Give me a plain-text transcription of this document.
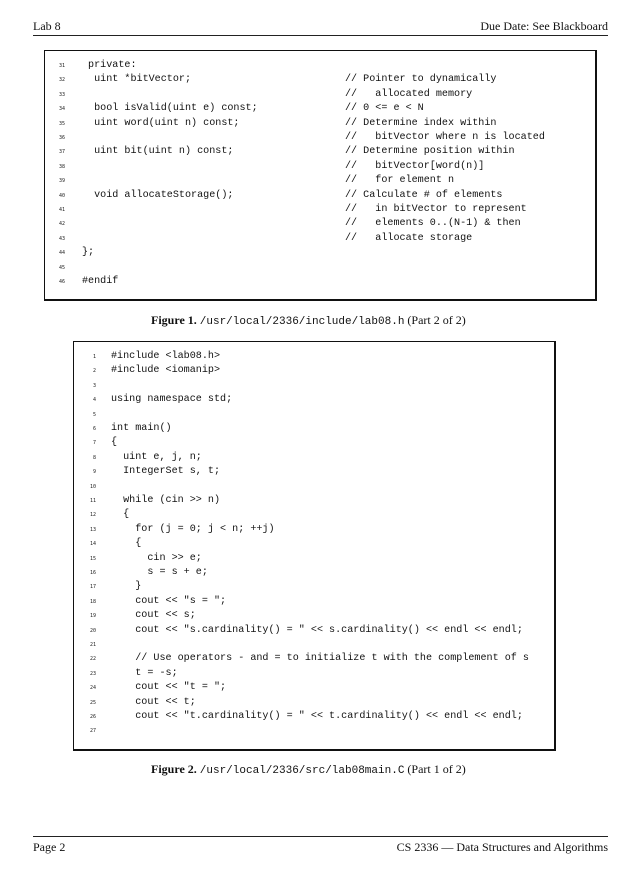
Lab 8	Due Date: See Blackboard
31 private:
32 uint *bitVector;	// Pointer to dynamically
33	//   allocated memory
34 bool isValid(uint e) const;	// 0 <= e < N
35 uint word(uint n) const;	// Determine index within
36	//   bitVector where n is located
37 uint bit(uint n) const;	// Determine position within
38	//   bitVector[word(n)]
39	//   for element n
40 void allocateStorage();	// Calculate # of elements
41	//   in bitVector to represent
42	//   elements 0..(N-1) & then
43	//   allocate storage
44 };
45
46 #endif
Figure 1. /usr/local/2336/include/lab08.h (Part 2 of 2)
1 #include <lab08.h>
2 #include <iomanip>
3
4 using namespace std;
5
6 int main()
7 {
8 uint e, j, n;
9 IntegerSet s, t;
10
11 while (cin >> n)
12 {
13 for (j = 0; j < n; ++j)
14 {
15 cin >> e;
16 s = s + e;
17 }
18 cout << "s = ";
19 cout << s;
20 cout << "s.cardinality() = " << s.cardinality() << endl << endl;
21
22 // Use operators - and = to initialize t with the complement of s
23 t = -s;
24 cout << "t = ";
25 cout << t;
26 cout << "t.cardinality() = " << t.cardinality() << endl << endl;
27
Figure 2. /usr/local/2336/src/lab08main.C (Part 1 of 2)
Page 2	CS 2336 — Data Structures and Algorithms
